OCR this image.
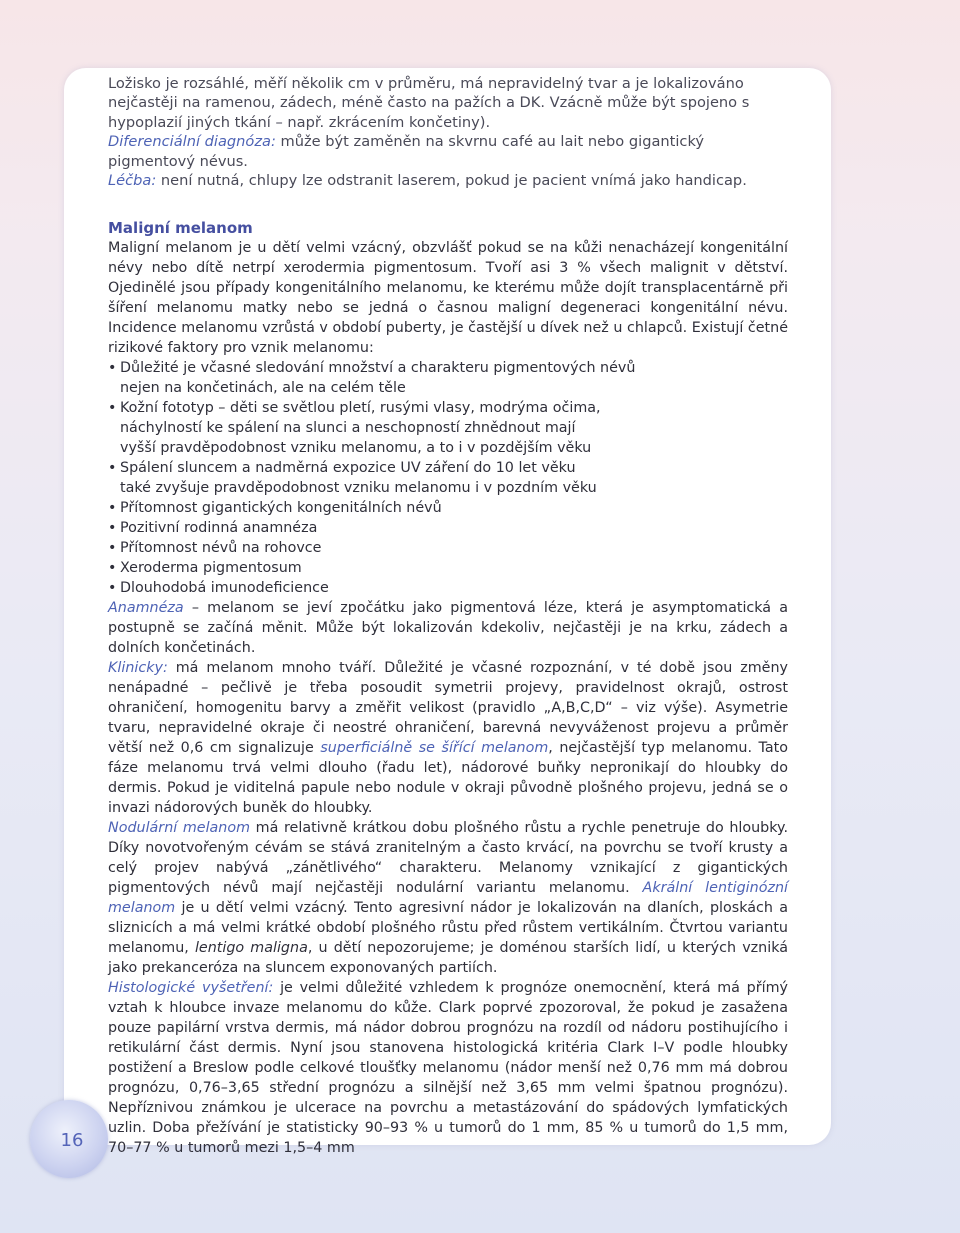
Ložisko je rozsáhlé, měří několik cm v průměru, má nepravidelný tvar a je lokalizováno nejčastěji na ramenou, zádech, méně často na pažích a DK. Vzácně může být spojeno s hypoplazií jiných tkání – např. zkrácením končetiny).

Diferenciální diagnóza: může být zaměněn na skvrnu café au lait nebo gigantický pigmentový névus.

Léčba: není nutná, chlupy lze odstranit laserem, pokud je pacient vnímá jako handicap.

Maligní melanom

Maligní melanom je u dětí velmi vzácný, obzvlášť pokud se na kůži nenacházejí kongenitální névy nebo dítě netrpí xerodermia pigmentosum. Tvoří asi 3 % všech malignit v dětství. Ojedinělé jsou případy kongenitálního melanomu, ke kterému může dojít transplacentárně při šíření melanomu matky nebo se jedná o časnou maligní degeneraci kongenitální névu. Incidence melanomu vzrůstá v období puberty, je častější u dívek než u chlapců. Existují četné rizikové faktory pro vznik melanomu:

• Důležité je včasné sledování množství a charakteru pigmentových névů
nejen na končetinách, ale na celém těle
• Kožní fototyp – děti se světlou pletí, rusými vlasy, modrýma očima,
náchylností ke spálení na slunci a neschopností zhnědnout mají
vyšší pravděpodobnost vzniku melanomu, a to i v pozdějším věku
• Spálení sluncem a nadměrná expozice UV záření do 10 let věku
také zvyšuje pravděpodobnost vzniku melanomu i v pozdním věku
• Přítomnost gigantických kongenitálních névů
• Pozitivní rodinná anamnéza
• Přítomnost névů na rohovce
• Xeroderma pigmentosum
• Dlouhodobá imunodeficience

Anamnéza – melanom se jeví zpočátku jako pigmentová léze, která je asymptomatická a postupně se začíná měnit. Může být lokalizován kdekoliv, nejčastěji je na krku, zádech a dolních končetinách.

Klinicky: má melanom mnoho tváří. Důležité je včasné rozpoznání, v té době jsou změny nenápadné – pečlivě je třeba posoudit symetrii projevy, pravidelnost okrajů, ostrost ohraničení, homogenitu barvy a změřit velikost (pravidlo „A,B,C,D“ – viz výše). Asymetrie tvaru, nepravidelné okraje či neostré ohraničení, barevná nevyváženost projevu a průměr větší než 0,6 cm signalizuje superficiálně se šířící melanom, nejčastější typ melanomu. Tato fáze melanomu trvá velmi dlouho (řadu let), nádorové buňky nepronikají do hloubky do dermis. Pokud je viditelná papule nebo nodule v okraji původně plošného projevu, jedná se o invazi nádorových buněk do hloubky.

Nodulární melanom má relativně krátkou dobu plošného růstu a rychle penetruje do hloubky. Díky novotvořeným cévám se stává zranitelným a často krvácí, na povrchu se tvoří krusty a celý projev nabývá „zánětlivého“ charakteru. Melanomy vznikající z gigantických pigmentových névů mají nejčastěji nodulární variantu melanomu. Akrální lentiginózní melanom je u dětí velmi vzácný. Tento agresivní nádor je lokalizován na dlaních, ploskách a sliznicích a má velmi krátké období plošného růstu před růstem vertikálním. Čtvrtou variantu melanomu, lentigo maligna, u dětí nepozorujeme; je doménou starších lidí, u kterých vzniká jako prekanceróza na sluncem exponovaných partiích.

Histologické vyšetření: je velmi důležité vzhledem k prognóze onemocnění, která má přímý vztah k hloubce invaze melanomu do kůže. Clark poprvé zpozoroval, že pokud je zasažena pouze papilární vrstva dermis, má nádor dobrou prognózu na rozdíl od nádoru postihujícího i retikulární část dermis. Nyní jsou stanovena histologická kritéria Clark I–V podle hloubky postižení a Breslow podle celkové tloušťky melanomu (nádor menší než 0,76 mm má dobrou prognózu, 0,76–3,65 střední prognózu a silnější než 3,65 mm velmi špatnou prognózu). Nepříznivou známkou je ulcerace na povrchu a metastázování do spádových lymfatických uzlin. Doba přežívání je statisticky 90–93 % u tumorů do 1 mm, 85 % u tumorů do 1,5 mm, 70–77 % u tumorů mezi 1,5–4 mm

16
